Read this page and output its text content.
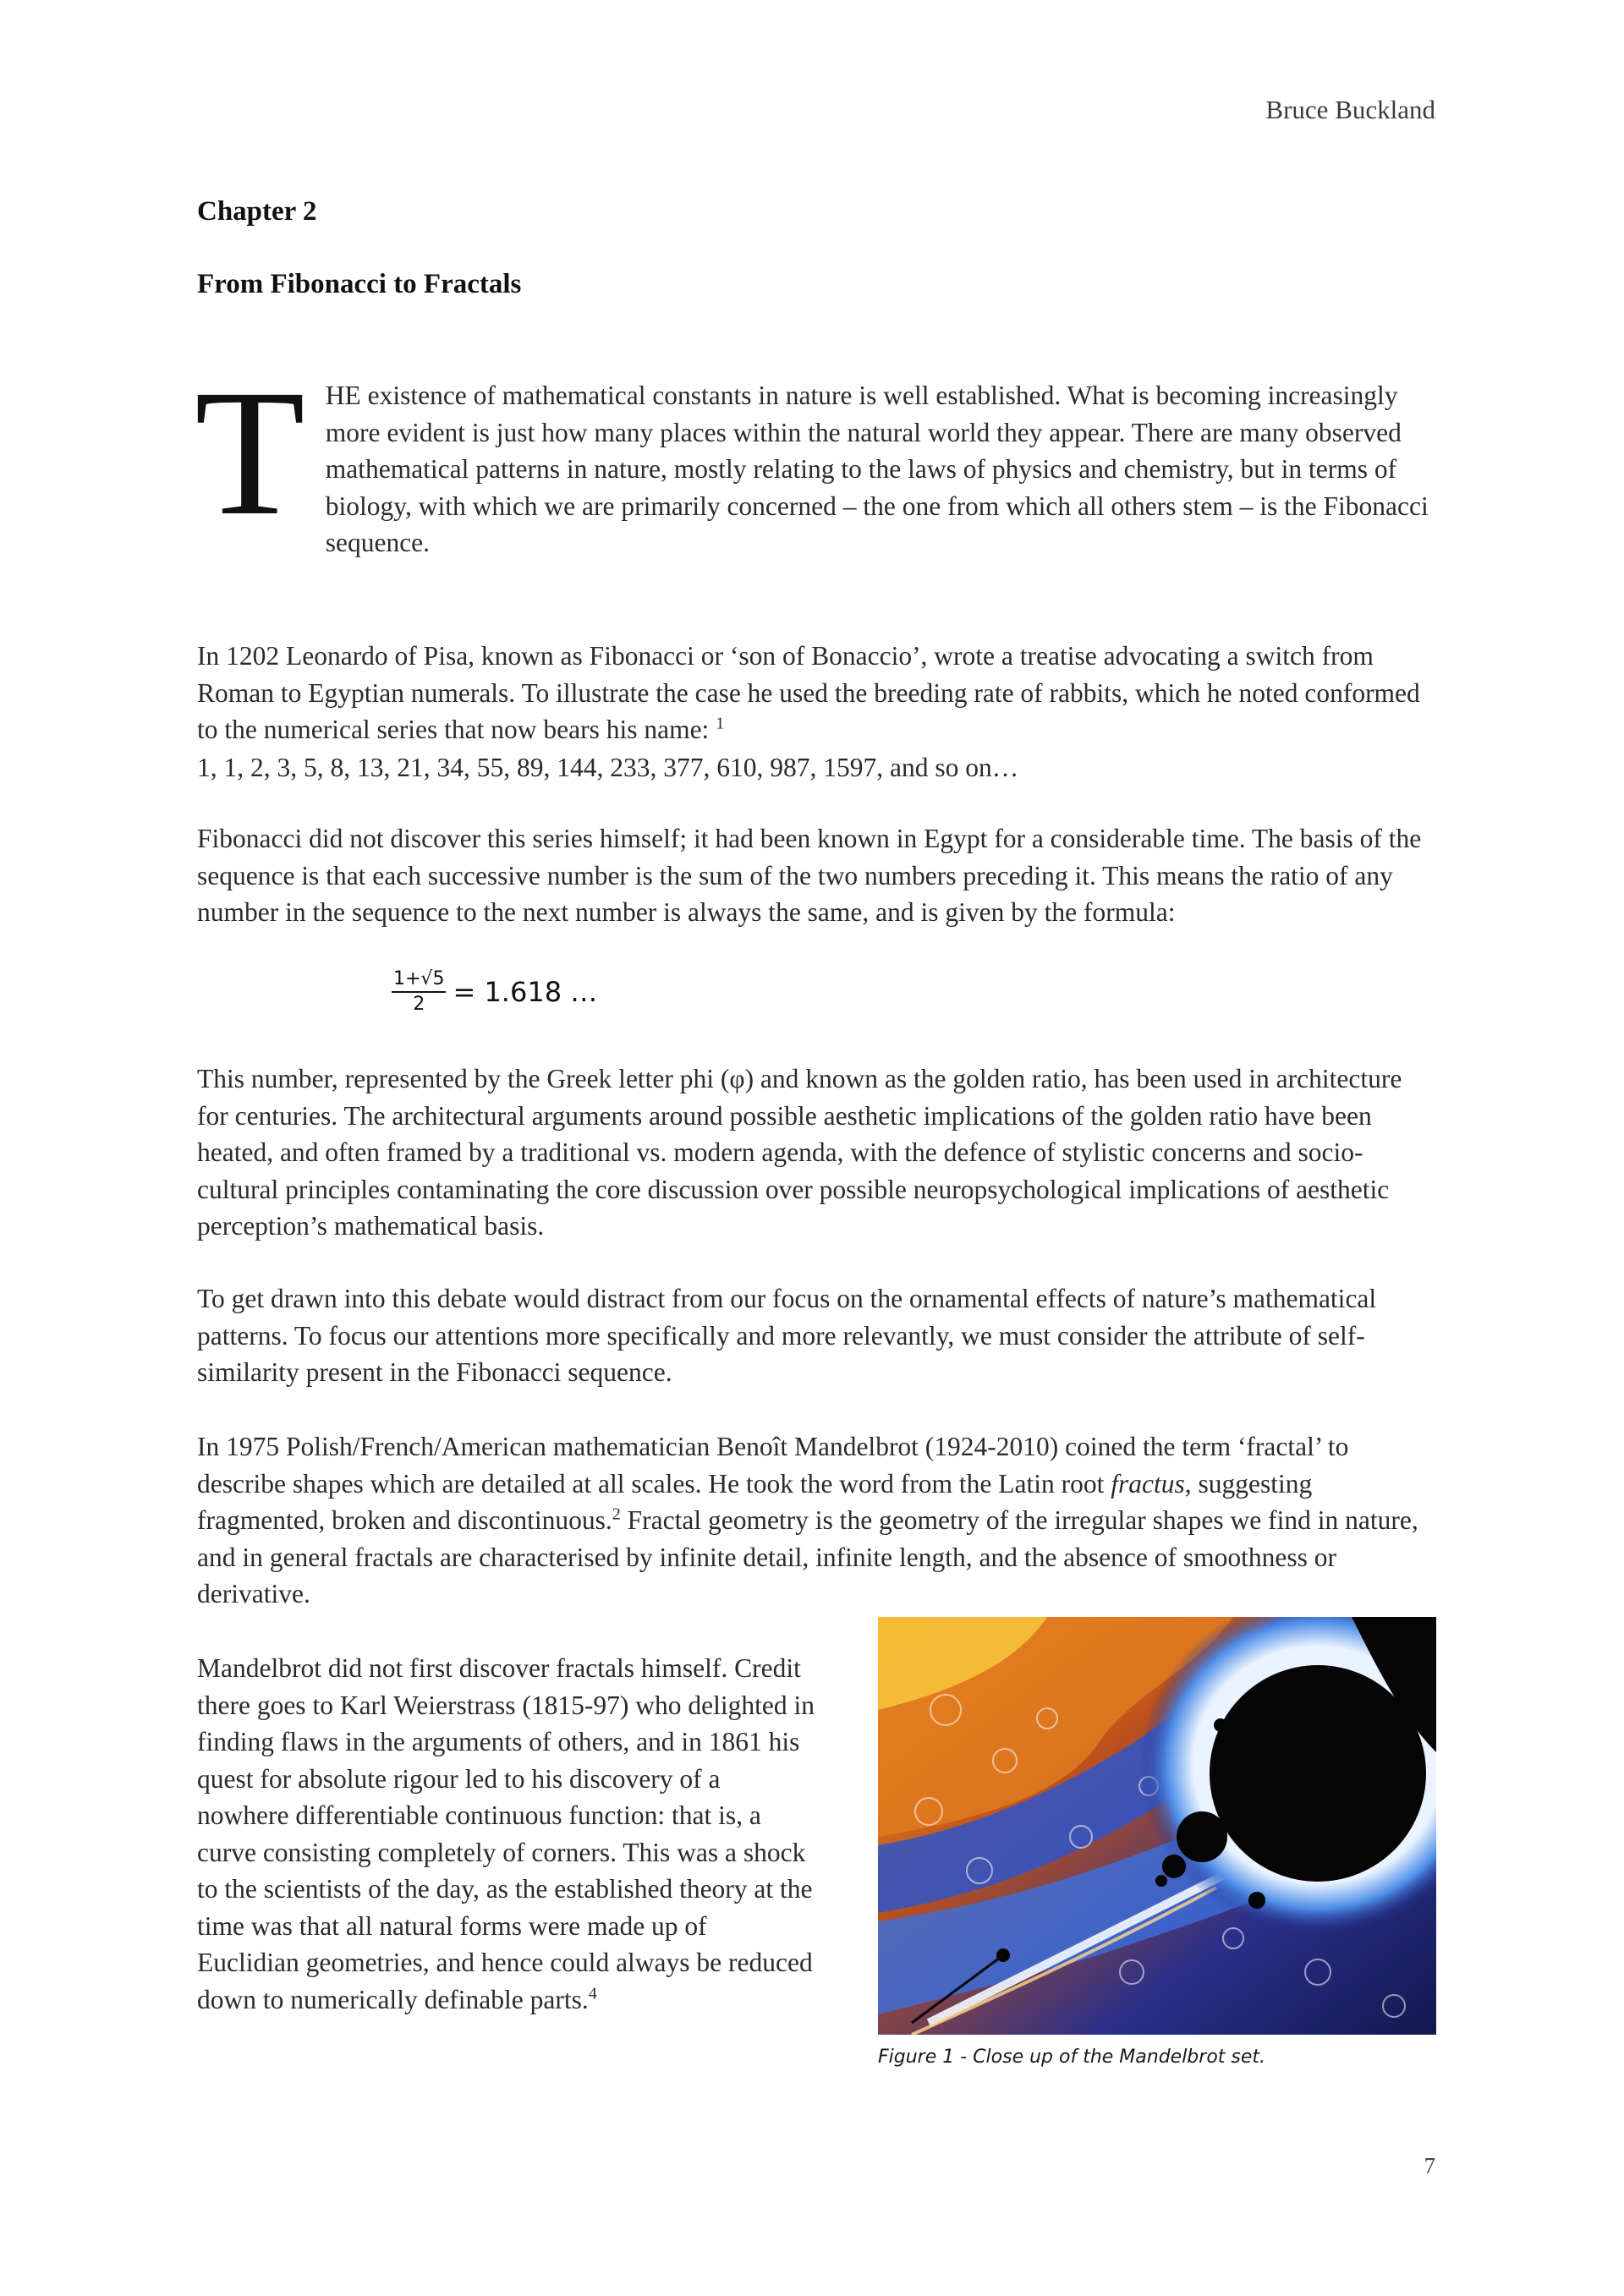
Bruce Buckland
Chapter 2
From Fibonacci to Fractals
T HE existence of mathematical constants in nature is well established. What is becoming increasingly more evident is just how many places within the natural world they appear. There are many observed mathematical patterns in nature, mostly relating to the laws of physics and chemistry, but in terms of biology, with which we are primarily concerned – the one from which all others stem – is the Fibonacci sequence.
In 1202 Leonardo of Pisa, known as Fibonacci or ‘son of Bonaccio’, wrote a treatise advocating a switch from Roman to Egyptian numerals. To illustrate the case he used the breeding rate of rabbits, which he noted conformed to the numerical series that now bears his name: $^1$
1, 1, 2, 3, 5, 8, 13, 21, 34, 55, 89, 144, 233, 377, 610, 987, 1597, and so on…
Fibonacci did not discover this series himself; it had been known in Egypt for a considerable time. The basis of the sequence is that each successive number is the sum of the two numbers preceding it. This means the ratio of any number in the sequence to the next number is always the same, and is given by the formula:
$\frac{1+√5}{2} = 1.618$ …
This number, represented by the Greek letter phi (φ) and known as the golden ratio, has been used in architecture for centuries. The architectural arguments around possible aesthetic implications of the golden ratio have been heated, and often framed by a traditional vs. modern agenda, with the defence of stylistic concerns and socio-cultural principles contaminating the core discussion over possible neuropsychological implications of aesthetic perception’s mathematical basis.
To get drawn into this debate would distract from our focus on the ornamental effects of nature’s mathematical patterns. To focus our attentions more specifically and more relevantly, we must consider the attribute of self-similarity present in the Fibonacci sequence.
In 1975 Polish/French/American mathematician Benoît Mandelbrot (1924-2010) coined the term ‘fractal’ to describe shapes which are detailed at all scales. He took the word from the Latin root fractus, suggesting fragmented, broken and discontinuous.$^2$ Fractal geometry is the geometry of the irregular shapes we find in nature, and in general fractals are characterised by infinite detail, infinite length, and the absence of smoothness or derivative.
Mandelbrot did not first discover fractals himself. Credit there goes to Karl Weierstrass (1815-97) who delighted in finding flaws in the arguments of others, and in 1861 his quest for absolute rigour led to his discovery of a nowhere differentiable continuous function: that is, a curve consisting completely of corners. This was a shock to the scientists of the day, as the established theory at the time was that all natural forms were made up of Euclidian geometries, and hence could always be reduced down to numerically definable parts.$^4$
Figure 1 - Close up of the Mandelbrot set.
7
